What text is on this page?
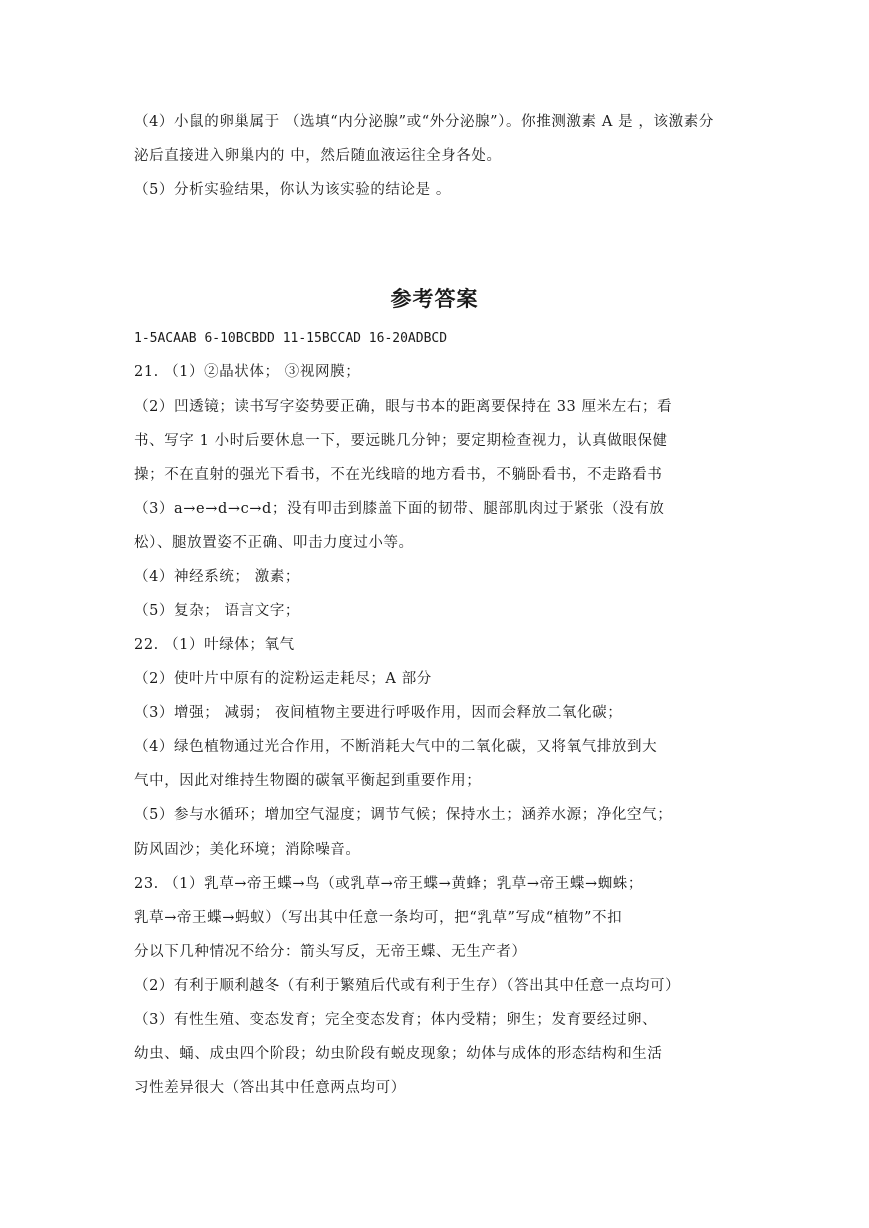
（4）小鼠的卵巢属于 （选填“内分泌腺”或“外分泌腺”）。你推测激素 A 是 ，该激素分
泌后直接进入卵巢内的 中，然后随血液运往全身各处。
（5）分析实验结果，你认为该实验的结论是 。
参考答案
1-5ACAAB 6-10BCBDD 11-15BCCAD 16-20ADBCD
21. （1）②晶状体； ③视网膜；
（2）凹透镜；读书写字姿势要正确，眼与书本的距离要保持在 33 厘米左右；看
书、写字 1 小时后要休息一下，要远眺几分钟；要定期检查视力，认真做眼保健
操；不在直射的强光下看书，不在光线暗的地方看书，不躺卧看书，不走路看书
（3）a→e→d→c→d；没有叩击到膝盖下面的韧带、腿部肌肉过于紧张（没有放
松）、腿放置姿不正确、叩击力度过小等。
（4）神经系统； 激素；
（5）复杂； 语言文字；
22. （1）叶绿体；氧气
（2）使叶片中原有的淀粉运走耗尽；A 部分
（3）增强； 减弱； 夜间植物主要进行呼吸作用，因而会释放二氧化碳；
（4）绿色植物通过光合作用，不断消耗大气中的二氧化碳，又将氧气排放到大
气中，因此对维持生物圈的碳氧平衡起到重要作用；
（5）参与水循环；增加空气湿度；调节气候；保持水土；涵养水源；净化空气；
防风固沙；美化环境；消除噪音。
23. （1）乳草→帝王蝶→鸟（或乳草→帝王蝶→黄蜂；乳草→帝王蝶→蜘蛛；
乳草→帝王蝶→蚂蚁）（写出其中任意一条均可，把“乳草”写成“植物”不扣
分以下几种情况不给分：箭头写反，无帝王蝶、无生产者）
（2）有利于顺利越冬（有利于繁殖后代或有利于生存）（答出其中任意一点均可）
（3）有性生殖、变态发育；完全变态发育；体内受精；卵生；发育要经过卵、
幼虫、蛹、成虫四个阶段；幼虫阶段有蜕皮现象；幼体与成体的形态结构和生活
习性差异很大（答出其中任意两点均可）
